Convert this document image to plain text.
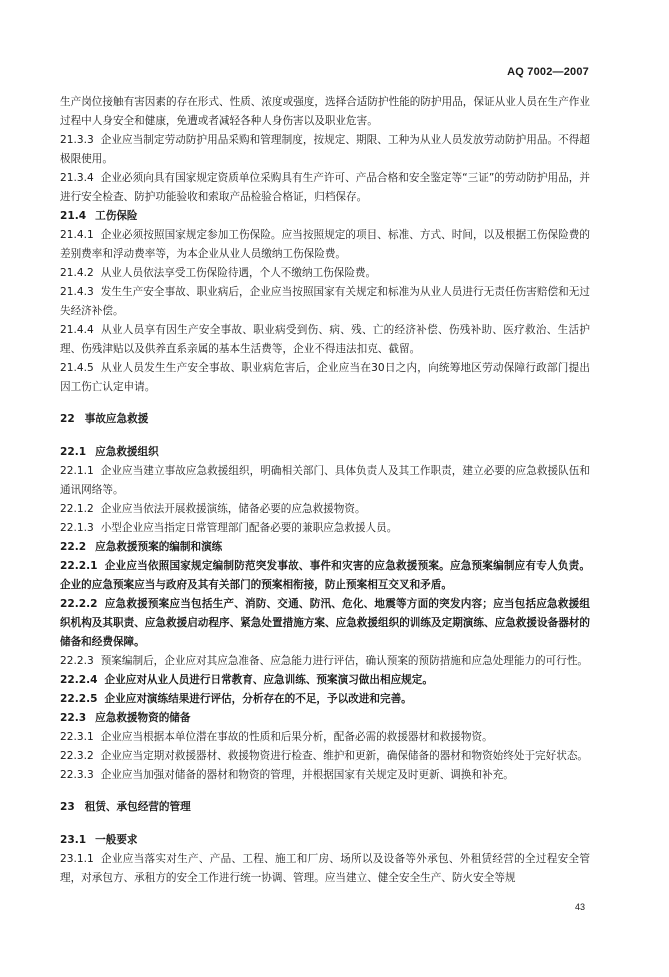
AQ 7002—2007

生产岗位接触有害因素的存在形式、性质、浓度或强度，选择合适防护性能的防护用品，保证从业人员在生产作业过程中人身安全和健康，免遭或者减轻各种人身伤害以及职业危害。

21.3.3 企业应当制定劳动防护用品采购和管理制度，按规定、期限、工种为从业人员发放劳动防护用品。不得超极限使用。

21.3.4 企业必须向具有国家规定资质单位采购具有生产许可、产品合格和安全鉴定等“三证”的劳动防护用品，并进行安全检查、防护功能验收和索取产品检验合格证，归档保存。

21.4 工伤保险

21.4.1 企业必须按照国家规定参加工伤保险。应当按照规定的项目、标准、方式、时间，以及根据工伤保险费的差别费率和浮动费率等，为本企业从业人员缴纳工伤保险费。

21.4.2 从业人员依法享受工伤保险待遇，个人不缴纳工伤保险费。

21.4.3 发生生产安全事故、职业病后，企业应当按照国家有关规定和标准为从业人员进行无责任伤害赔偿和无过失经济补偿。

21.4.4 从业人员享有因生产安全事故、职业病受到伤、病、残、亡的经济补偿、伤残补助、医疗救治、生活护理、伤残津贴以及供养直系亲属的基本生活费等，企业不得违法扣克、截留。

21.4.5 从业人员发生生产安全事故、职业病危害后，企业应当在30日之内，向统筹地区劳动保障行政部门提出因工伤亡认定申请。

22 事故应急救援

22.1 应急救援组织

22.1.1 企业应当建立事故应急救援组织，明确相关部门、具体负责人及其工作职责，建立必要的应急救援队伍和通讯网络等。

22.1.2 企业应当依法开展救援演练，储备必要的应急救援物资。

22.1.3 小型企业应当指定日常管理部门配备必要的兼职应急救援人员。

22.2 应急救援预案的编制和演练

22.2.1 企业应当依照国家规定编制防范突发事故、事件和灾害的应急救援预案。应急预案编制应有专人负责。企业的应急预案应当与政府及其有关部门的预案相衔接，防止预案相互交叉和矛盾。

22.2.2 应急救援预案应当包括生产、消防、交通、防汛、危化、地震等方面的突发内容；应当包括应急救援组织机构及其职责、应急救援启动程序、紧急处置措施方案、应急救援组织的训练及定期演练、应急救援设备器材的储备和经费保障。

22.2.3 预案编制后，企业应对其应急准备、应急能力进行评估，确认预案的预防措施和应急处理能力的可行性。

22.2.4 企业应对从业人员进行日常教育、应急训练、预案演习做出相应规定。

22.2.5 企业应对演练结果进行评估，分析存在的不足，予以改进和完善。

22.3 应急救援物资的储备

22.3.1 企业应当根据本单位潜在事故的性质和后果分析，配备必需的救援器材和救援物资。

22.3.2 企业应当定期对救援器材、救援物资进行检查、维护和更新，确保储备的器材和物资始终处于完好状态。

22.3.3 企业应当加强对储备的器材和物资的管理，并根据国家有关规定及时更新、调换和补充。

23 租赁、承包经营的管理

23.1 一般要求

23.1.1 企业应当落实对生产、产品、工程、施工和厂房、场所以及设备等外承包、外租赁经营的全过程安全管理，对承包方、承租方的安全工作进行统一协调、管理。应当建立、健全安全生产、防火安全等规

43
